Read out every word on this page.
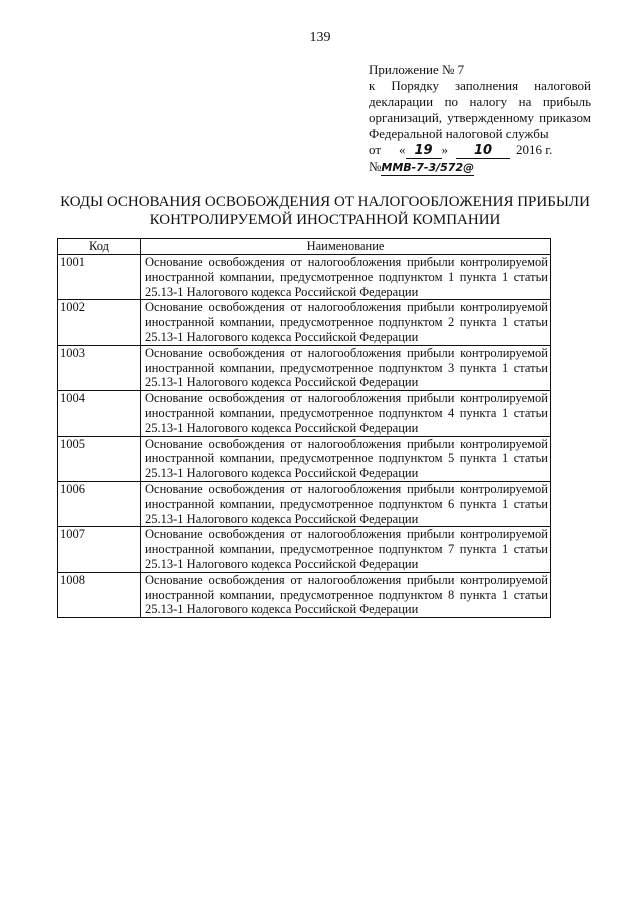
139
Приложение № 7
к Порядку заполнения налоговой
декларации по налогу на прибыль
организаций, утвержденному приказом
Федеральной налоговой службы
от « 19 »	10	2016 г.
№ ММВ-7-3/572@
КОДЫ ОСНОВАНИЯ ОСВОБОЖДЕНИЯ ОТ НАЛОГООБЛОЖЕНИЯ ПРИБЫЛИ
КОНТРОЛИРУЕМОЙ ИНОСТРАННОЙ КОМПАНИИ
Код	Наименование
1001	Основание освобождения от налогообложения прибыли контролируемой
иностранной компании, предусмотренное подпунктом 1 пункта 1 статьи
25.13-1 Налогового кодекса Российской Федерации

1002	Основание освобождения от налогообложения прибыли контролируемой
иностранной компании, предусмотренное подпунктом 2 пункта 1 статьи
25.13-1 Налогового кодекса Российской Федерации

1003	Основание освобождения от налогообложения прибыли контролируемой
иностранной компании, предусмотренное подпунктом 3 пункта 1 статьи
25.13-1 Налогового кодекса Российской Федерации

1004	Основание освобождения от налогообложения прибыли контролируемой
иностранной компании, предусмотренное подпунктом 4 пункта 1 статьи
25.13-1 Налогового кодекса Российской Федерации

1005	Основание освобождения от налогообложения прибыли контролируемой
иностранной компании, предусмотренное подпунктом 5 пункта 1 статьи
25.13-1 Налогового кодекса Российской Федерации

1006	Основание освобождения от налогообложения прибыли контролируемой
иностранной компании, предусмотренное подпунктом 6 пункта 1 статьи
25.13-1 Налогового кодекса Российской Федерации

1007	Основание освобождения от налогообложения прибыли контролируемой
иностранной компании, предусмотренное подпунктом 7 пункта 1 статьи
25.13-1 Налогового кодекса Российской Федерации

1008	Основание освобождения от налогообложения прибыли контролируемой
иностранной компании, предусмотренное подпунктом 8 пункта 1 статьи
25.13-1 Налогового кодекса Российской Федерации
